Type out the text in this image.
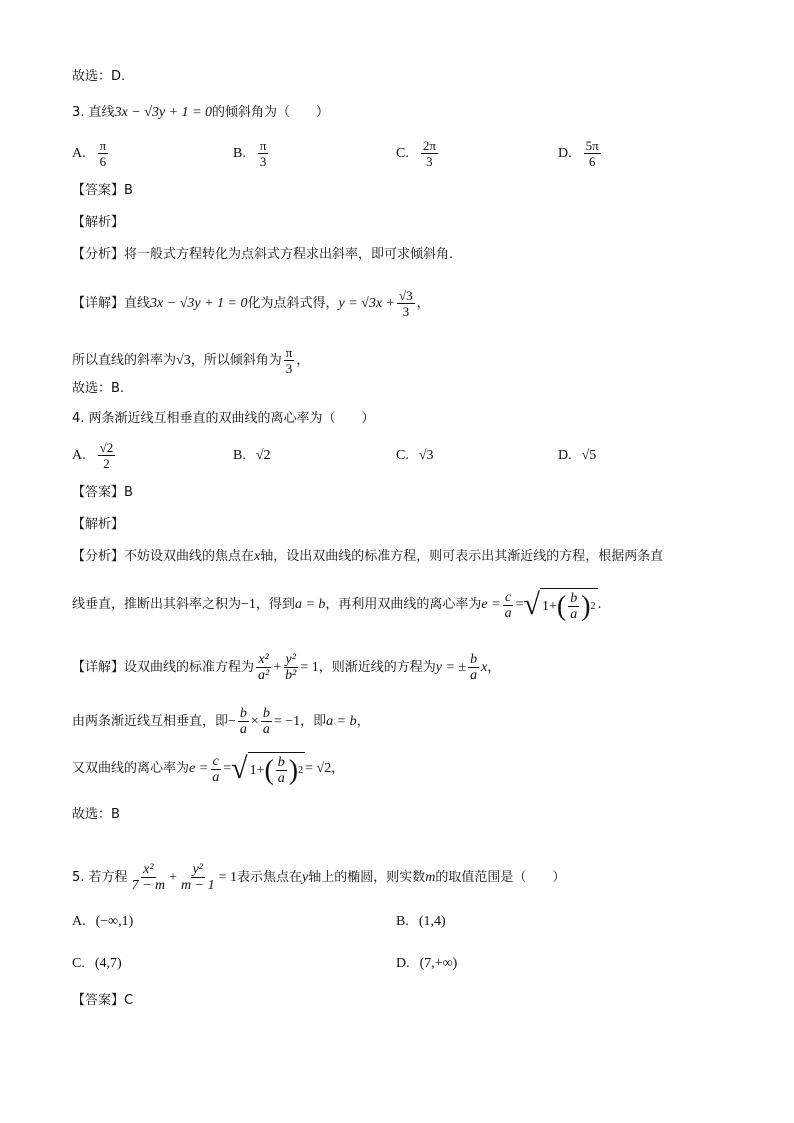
故选：D.
3. 直线3x − √3y + 1 = 0的倾斜角为（　　）
A. $\frac{\pi}{6}$	B. $\frac{\pi}{3}$	C. $\frac{2\pi}{3}$	D. $\frac{5\pi}{6}$
【答案】B
【解析】
【分析】将一般式方程转化为点斜式方程求出斜率，即可求倾斜角.
【详解】直线3x − √3y + 1 = 0化为点斜式得，$y = √3x + \frac{√3}{3}$ ，
所以直线的斜率为√3，所以倾斜角为 $\frac{\pi}{3}$ ，
故选：B.
4. 两条渐近线互相垂直的双曲线的离心率为（　　）
A. $\frac{√2}{2}$	B. √2	C. √3	D. √5
【答案】B
【解析】
【分析】不妨设双曲线的焦点在x轴，设出双曲线的标准方程，则可表示出其渐近线的方程，根据两条直
线垂直，推断出其斜率之积为 −1 ，得到 a = b ，再利用双曲线的离心率为 $e = \frac{c}{a}$ = √ 1+ ( $\frac{b}{a}$ ) 2 .
【详解】 设双曲线的标准方程为 $\frac{\text{x²}}{\text{a²}} + \frac{\text{y²}}{\text{b²}} = 1$ ，则渐近线的方程为 y = ± $\frac{b}{a}$ x ，
由两条渐近线互相垂直，即 − $\frac{b}{a} \times \frac{b}{a} = -1$ ，即 a = b ，
又双曲线的离心率为 $e = \frac{c}{a}$ = √ 1+ ( $\frac{b}{a}$ ) 2 = √2 ，
故选：B
5.
若方程 $\frac{\text{x²}}{7 - m} + \frac{\text{y²}}{m - 1} = 1$ 表示焦点在 y 轴上的椭圆，则实数 m 的取值范围是（　　）
A. (−∞,1)	B. (1,4)
C. (4,7)	D. (7,+∞)
【答案】C
